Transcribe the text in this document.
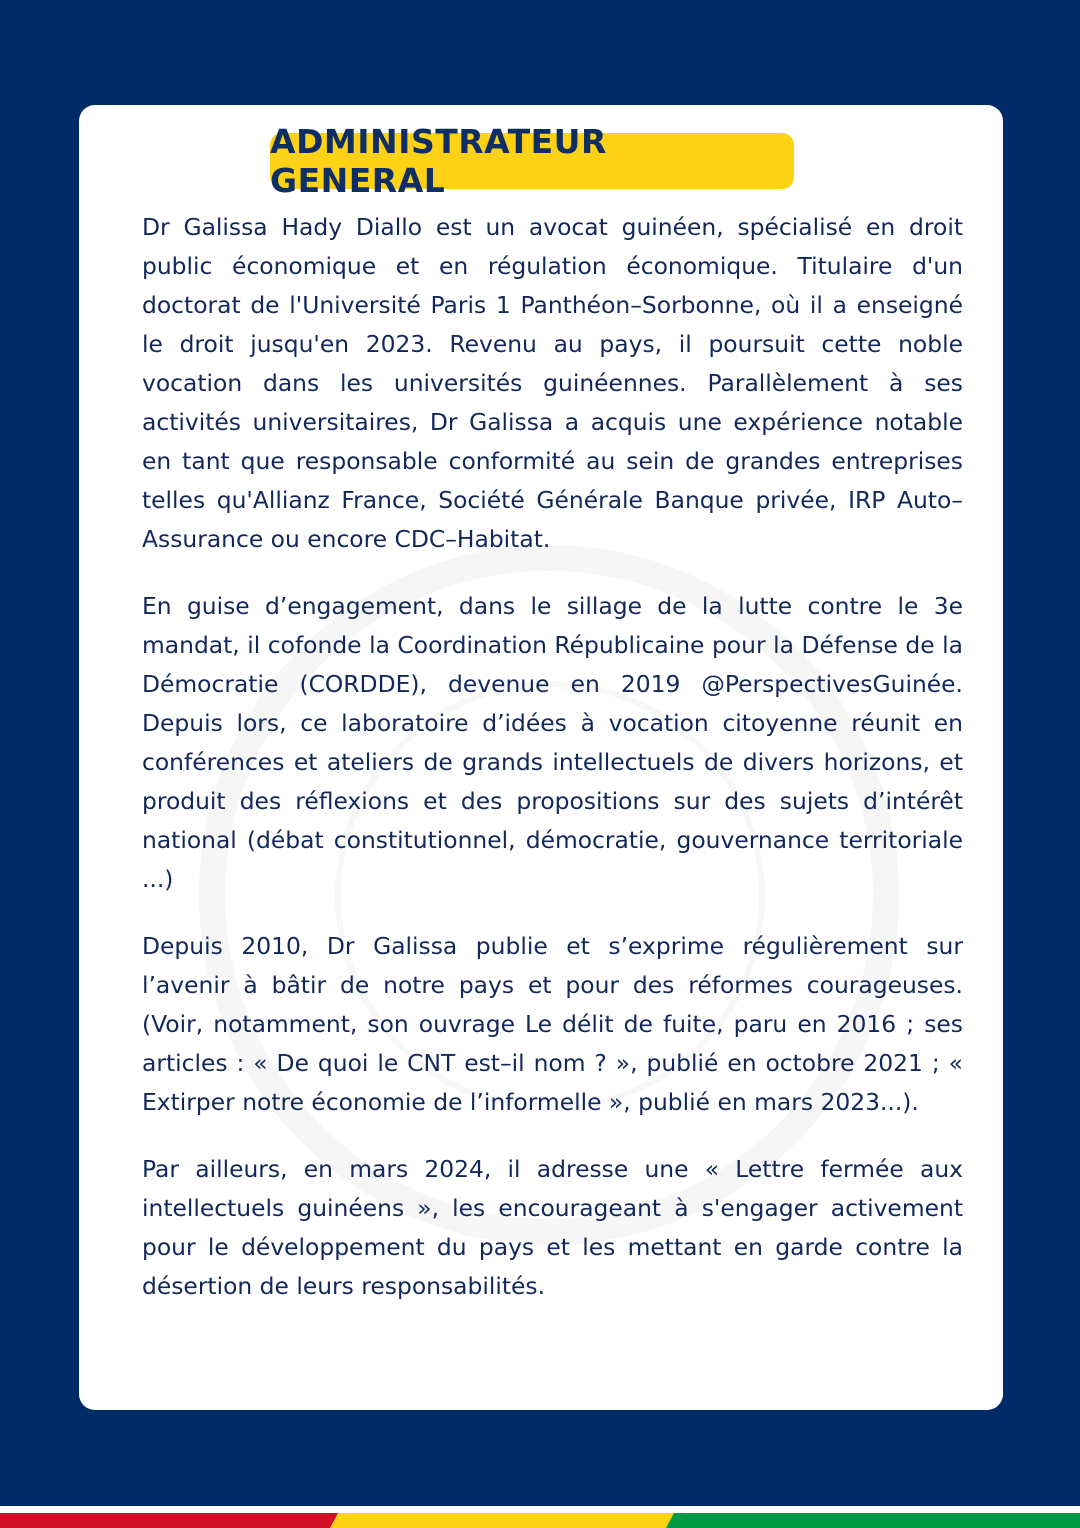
ADMINISTRATEUR GENERAL

Dr Galissa Hady Diallo est un avocat guinéen, spécialisé en droit public économique et en régulation économique. Titulaire d'un doctorat de l'Université Paris 1 Panthéon–Sorbonne, où il a enseigné le droit jusqu'en 2023. Revenu au pays, il poursuit cette noble vocation dans les universités guinéennes. Parallèlement à ses activités universitaires, Dr Galissa a acquis une expérience notable en tant que responsable conformité au sein de grandes entreprises telles qu'Allianz France, Société Générale Banque privée, IRP Auto–Assurance ou encore CDC–Habitat.

En guise d’engagement, dans le sillage de la lutte contre le 3e mandat, il cofonde la Coordination Républicaine pour la Défense de la Démocratie (CORDDE), devenue en 2019 @PerspectivesGuinée. Depuis lors, ce laboratoire d’idées à vocation citoyenne réunit en conférences et ateliers de grands intellectuels de divers horizons, et produit des réflexions et des propositions sur des sujets d’intérêt national (débat constitutionnel, démocratie, gouvernance territoriale ...)

Depuis 2010, Dr Galissa publie et s’exprime régulièrement sur l’avenir à bâtir de notre pays et pour des réformes courageuses. (Voir, notamment, son ouvrage Le délit de fuite, paru en 2016 ; ses articles : « De quoi le CNT est–il nom ? », publié en octobre 2021 ; « Extirper notre économie de l’informelle », publié en mars 2023...).

Par ailleurs, en mars 2024, il adresse une « Lettre fermée aux intellectuels guinéens », les encourageant à s'engager activement pour le développement du pays et les mettant en garde contre la désertion de leurs responsabilités.
